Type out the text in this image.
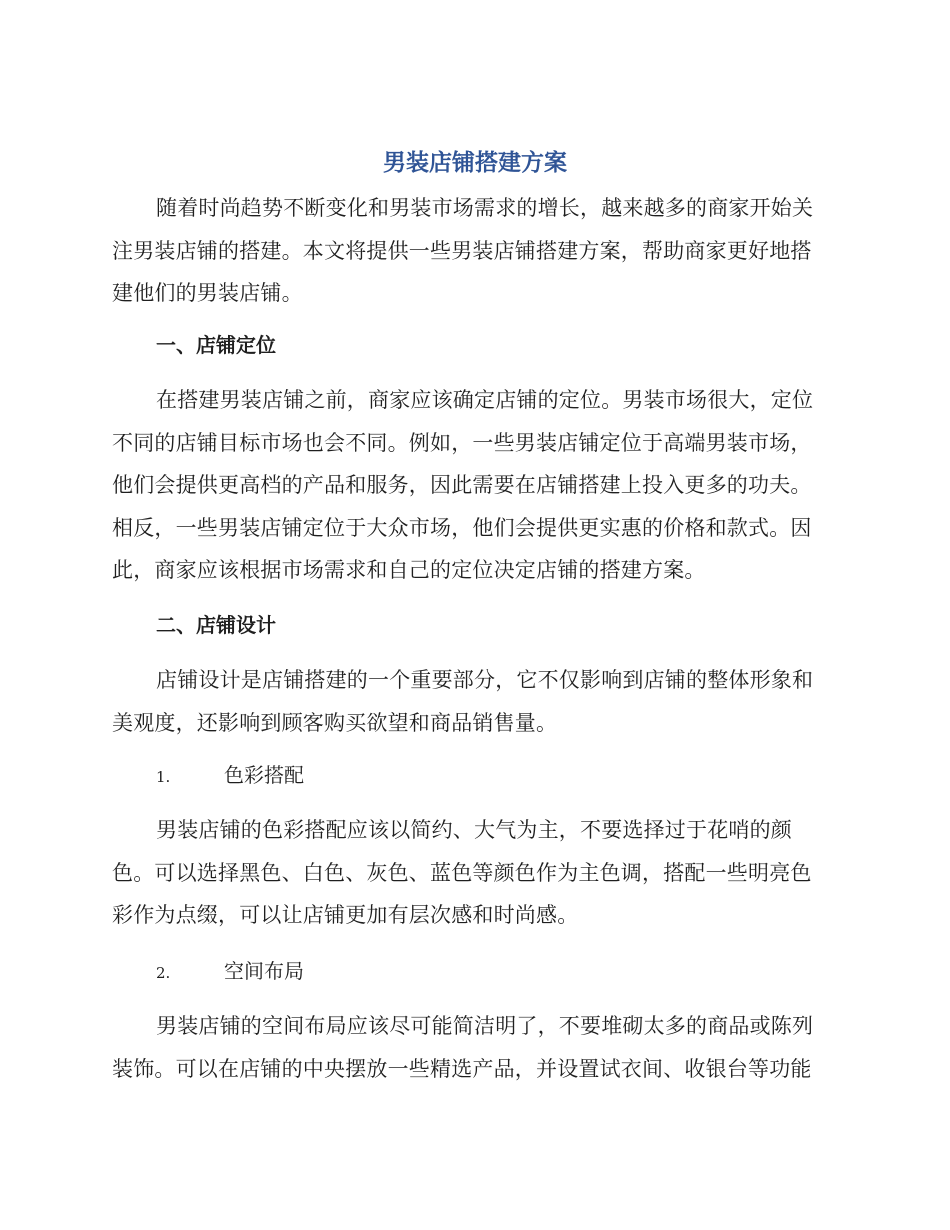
男装店铺搭建方案

随着时尚趋势不断变化和男装市场需求的增长，越来越多的商家开始关注男装店铺的搭建。本文将提供一些男装店铺搭建方案，帮助商家更好地搭建他们的男装店铺。

一、店铺定位

在搭建男装店铺之前，商家应该确定店铺的定位。男装市场很大，定位不同的店铺目标市场也会不同。例如，一些男装店铺定位于高端男装市场，他们会提供更高档的产品和服务，因此需要在店铺搭建上投入更多的功夫。相反，一些男装店铺定位于大众市场，他们会提供更实惠的价格和款式。因此，商家应该根据市场需求和自己的定位决定店铺的搭建方案。

二、店铺设计

店铺设计是店铺搭建的一个重要部分，它不仅影响到店铺的整体形象和美观度，还影响到顾客购买欲望和商品销售量。

1.	色彩搭配

男装店铺的色彩搭配应该以简约、大气为主，不要选择过于花哨的颜色。可以选择黑色、白色、灰色、蓝色等颜色作为主色调，搭配一些明亮色彩作为点缀，可以让店铺更加有层次感和时尚感。

2.	空间布局

男装店铺的空间布局应该尽可能简洁明了，不要堆砌太多的商品或陈列装饰。可以在店铺的中央摆放一些精选产品，并设置试衣间、收银台等功能
